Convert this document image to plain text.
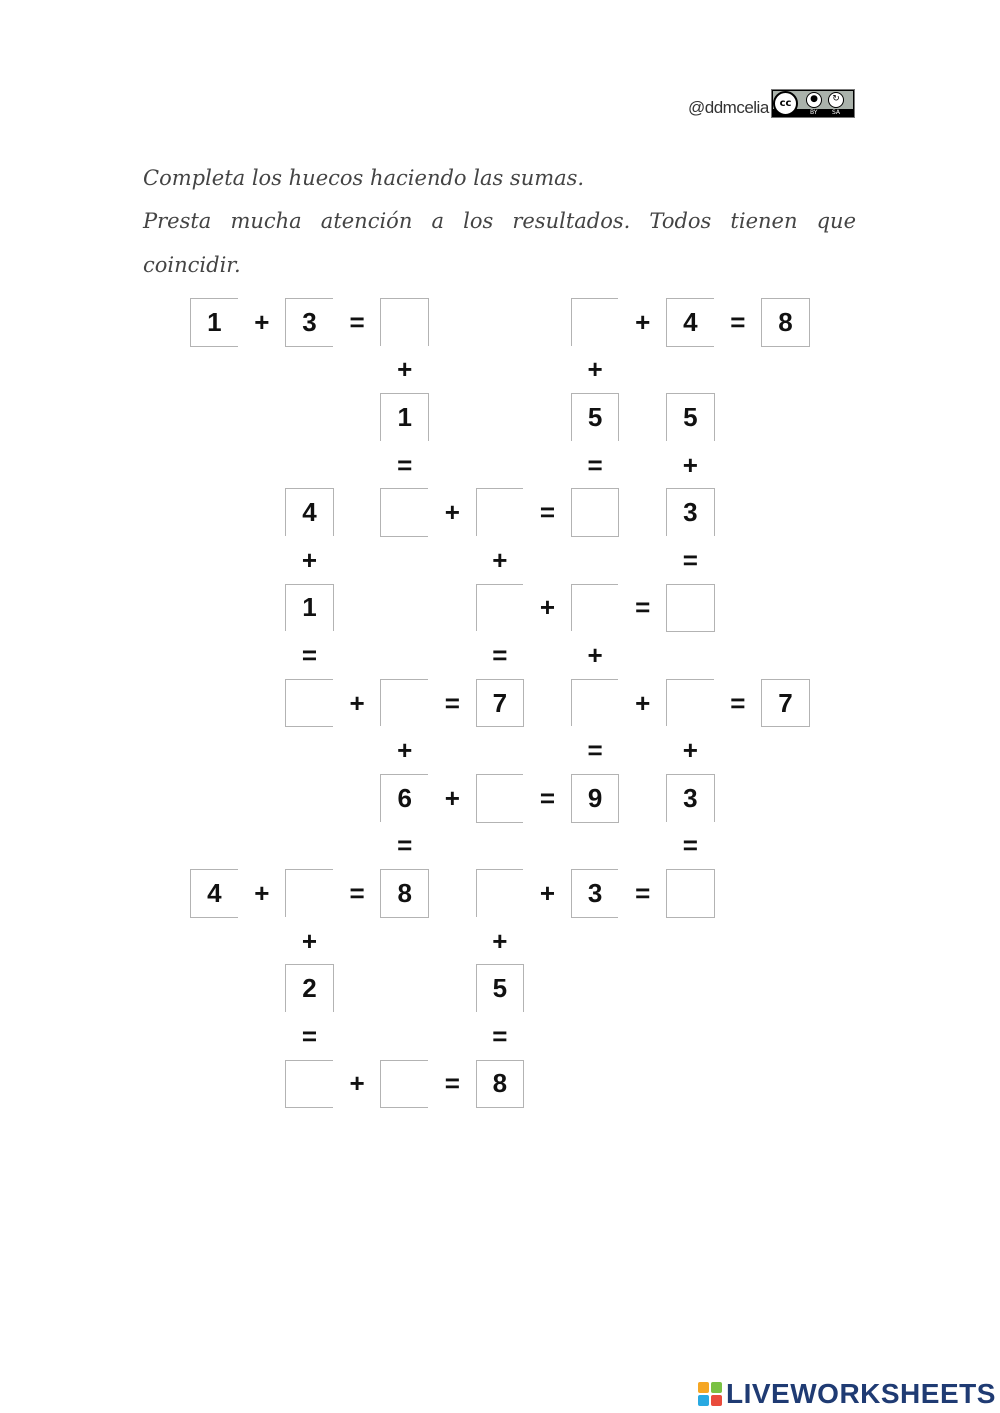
@ddmcelia	cc	●	↻
BY SA
Completa los huecos haciendo las sumas.
Presta mucha atención a los resultados. Todos tienen que
coincidir.
1	+	3	=	+	4	=	8
+	+
1	5	5
=	=	+
4	+	=	3
+	+	=
1	+	=
=	=	+
+	=	7	+	=	7
+	=	+
6	+	=	9	3
=	=
4	+	=	8	+	3	=
+	+
2	5
=	=
+	=	8
LIVEWORKSHEETS
